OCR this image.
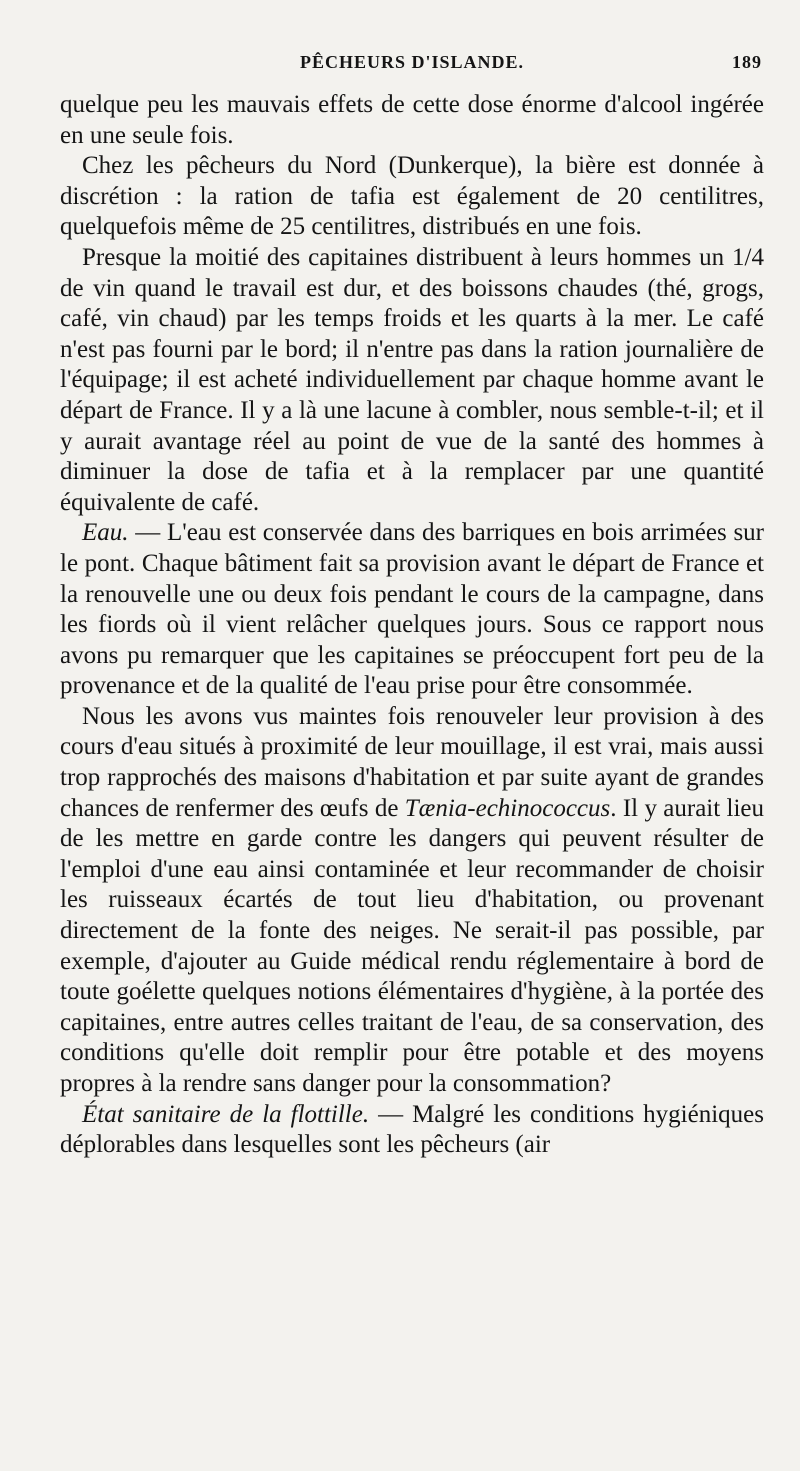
PÊCHEURS D'ISLANDE.	189

quelque peu les mauvais effets de cette dose énorme d'alcool ingérée en une seule fois.

Chez les pêcheurs du Nord (Dunkerque), la bière est donnée à discrétion : la ration de tafia est également de 20 centilitres, quelquefois même de 25 centilitres, distribués en une fois.

Presque la moitié des capitaines distribuent à leurs hommes un 1/4 de vin quand le travail est dur, et des boissons chaudes (thé, grogs, café, vin chaud) par les temps froids et les quarts à la mer. Le café n'est pas fourni par le bord; il n'entre pas dans la ration journalière de l'équipage; il est acheté individuellement par chaque homme avant le départ de France. Il y a là une lacune à combler, nous semble-t-il; et il y aurait avantage réel au point de vue de la santé des hommes à diminuer la dose de tafia et à la remplacer par une quantité équivalente de café.

Eau. — L'eau est conservée dans des barriques en bois arrimées sur le pont. Chaque bâtiment fait sa provision avant le départ de France et la renouvelle une ou deux fois pendant le cours de la campagne, dans les fiords où il vient relâcher quelques jours. Sous ce rapport nous avons pu remarquer que les capitaines se préoccupent fort peu de la provenance et de la qualité de l'eau prise pour être consommée.

Nous les avons vus maintes fois renouveler leur provision à des cours d'eau situés à proximité de leur mouillage, il est vrai, mais aussi trop rapprochés des maisons d'habitation et par suite ayant de grandes chances de renfermer des œufs de Tænia-echinococcus. Il y aurait lieu de les mettre en garde contre les dangers qui peuvent résulter de l'emploi d'une eau ainsi contaminée et leur recommander de choisir les ruisseaux écartés de tout lieu d'habitation, ou provenant directement de la fonte des neiges. Ne serait-il pas possible, par exemple, d'ajouter au Guide médical rendu réglementaire à bord de toute goélette quelques notions élémentaires d'hygiène, à la portée des capitaines, entre autres celles traitant de l'eau, de sa conservation, des conditions qu'elle doit remplir pour être potable et des moyens propres à la rendre sans danger pour la consommation?

État sanitaire de la flottille. — Malgré les conditions hygiéniques déplorables dans lesquelles sont les pêcheurs (air
